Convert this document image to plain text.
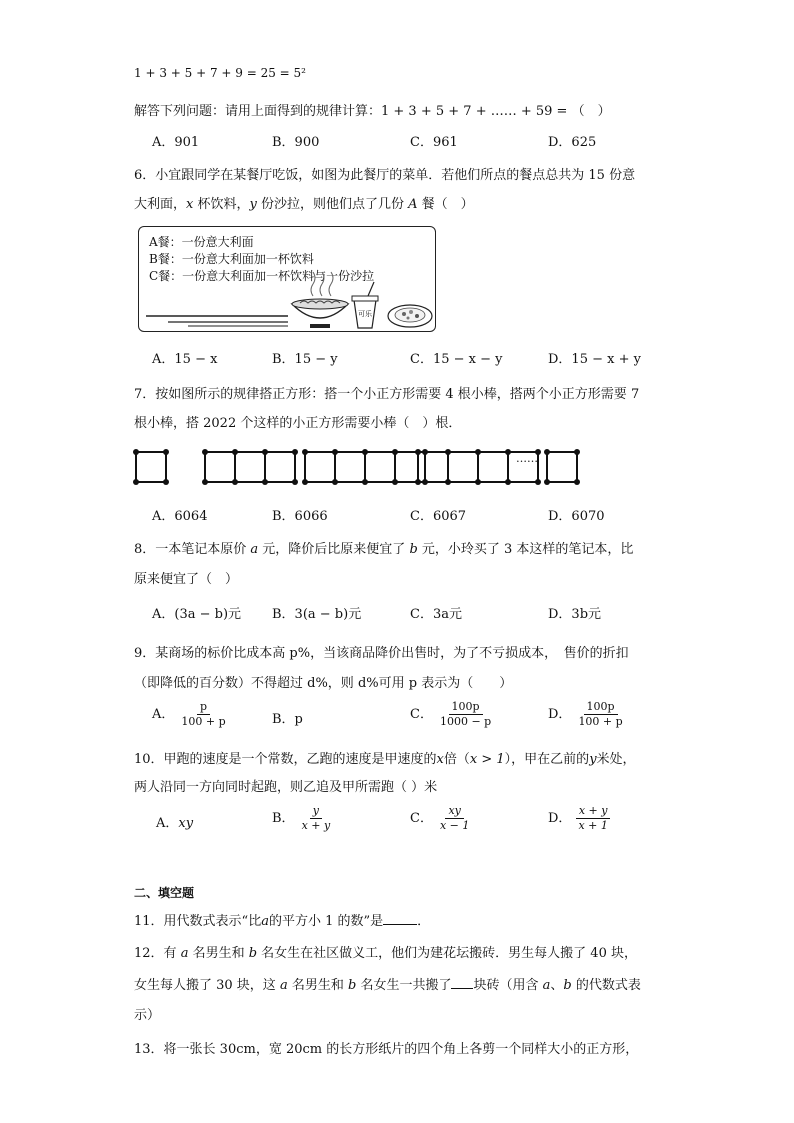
1 + 3 + 5 + 7 + 9 = 25 = 5²
解答下列问题：请用上面得到的规律计算：1 + 3 + 5 + 7 + …… + 59 = （　）
A．901	B．900	C．961	D．625
6．小宜跟同学在某餐厅吃饭，如图为此餐厅的菜单．若他们所点的餐点总共为 15 份意
大利面，x 杯饮料，y 份沙拉，则他们点了几份 A 餐（　）
A餐：一份意大利面
B餐：一份意大利面加一杯饮料
C餐：一份意大利面加一杯饮料与一份沙拉
可乐
A．15 − x	B．15 − y	C．15 − x − y	D．15 − x + y
7．按如图所示的规律搭正方形：搭一个小正方形需要 4 根小棒，搭两个小正方形需要 7
根小棒，搭 2022 个这样的小正方形需要小棒（　）根．
……
A．6064	B．6066	C．6067	D．6070
8．一本笔记本原价 a 元，降价后比原来便宜了 b 元，小玲买了 3 本这样的笔记本，比
原来便宜了（　）
A．(3a − b)元 B．3(a − b)元	C．3a元	D．3b元
9．某商场的标价比成本高 p%，当该商品降价出售时，为了不亏损成本，　售价的折扣
（即降低的百分数）不得超过 d%，则 d%可用 p 表示为（　　）
A． $\frac{p}{100 + p}$	B．p	C． $\frac{100p}{1000 - p}$	D． $\frac{100p}{100 + p}$
10．甲跑的速度是一个常数，乙跑的速度是甲速度的x倍（x > 1），甲在乙前的y米处，
两人沿同一方向同时起跑，则乙追及甲所需跑（ ）米
A．xy	B． $\frac{y}{x + y}$	C． $\frac{xy}{x - 1}$	D． $\frac{x + y}{x + 1}$
二、填空题
11．用代数式表示“比a的平方小 1 的数”是	．
12．有 a 名男生和 b 名女生在社区做义工，他们为建花坛搬砖．男生每人搬了 40 块，
女生每人搬了 30 块，这 a 名男生和 b 名女生一共搬了 块砖（用含 a、b 的代数式表
示）
13．将一张长 30cm，宽 20cm 的长方形纸片的四个角上各剪一个同样大小的正方形，
